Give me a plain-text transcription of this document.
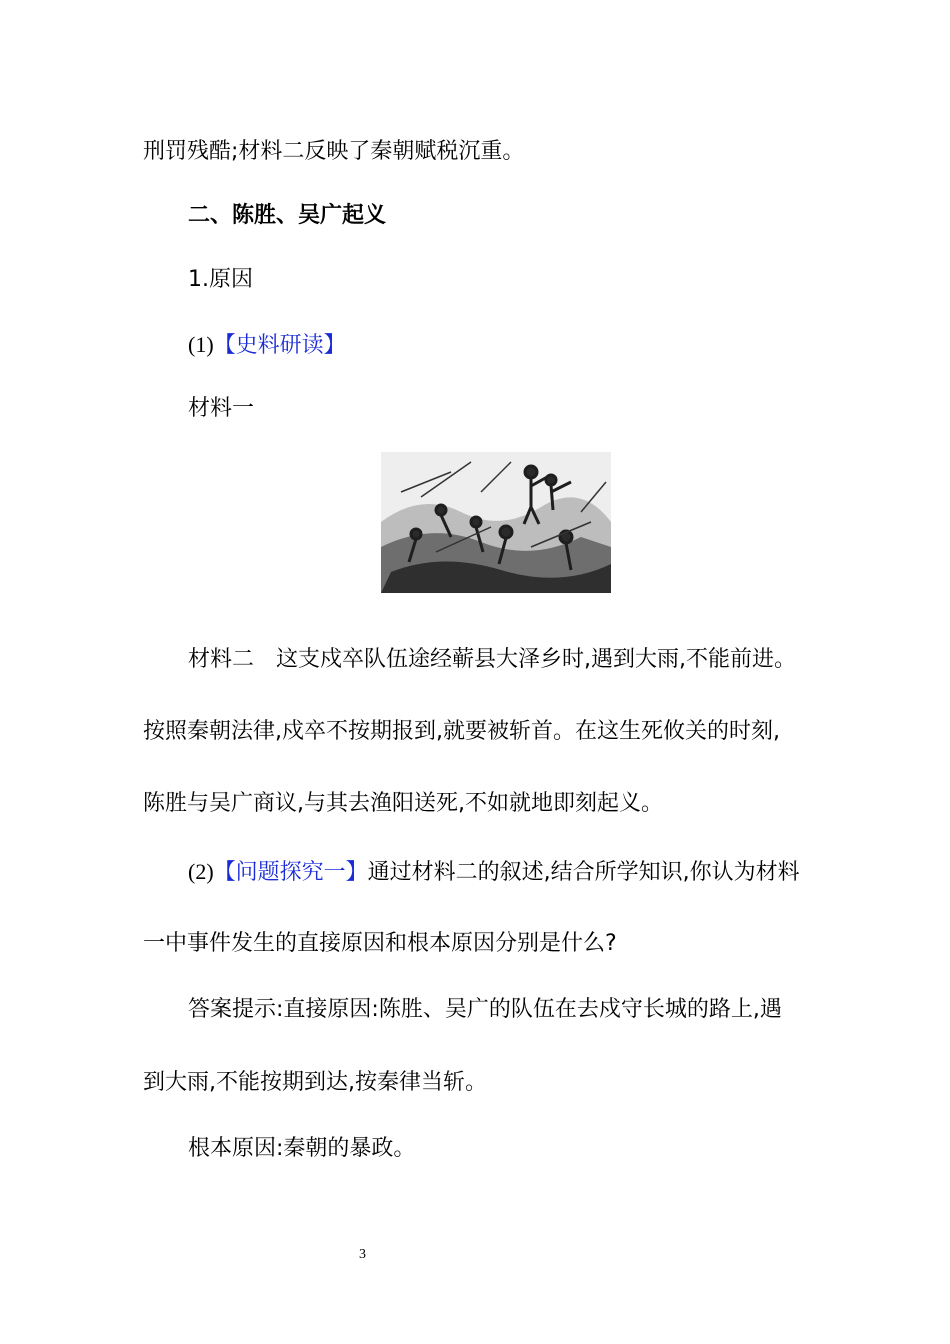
刑罚残酷;材料二反映了秦朝赋税沉重。
二、陈胜、吴广起义
1.原因
(1)【史料研读】
材料一
材料二 这支戍卒队伍途经蕲县大泽乡时,遇到大雨,不能前进。
按照秦朝法律,戍卒不按期报到,就要被斩首。在这生死攸关的时刻,
陈胜与吴广商议,与其去渔阳送死,不如就地即刻起义。
(2)【问题探究一】通过材料二的叙述,结合所学知识,你认为材料
一中事件发生的直接原因和根本原因分别是什么?
答案提示:直接原因:陈胜、吴广的队伍在去戍守长城的路上,遇
到大雨,不能按期到达,按秦律当斩。
根本原因:秦朝的暴政。
3
